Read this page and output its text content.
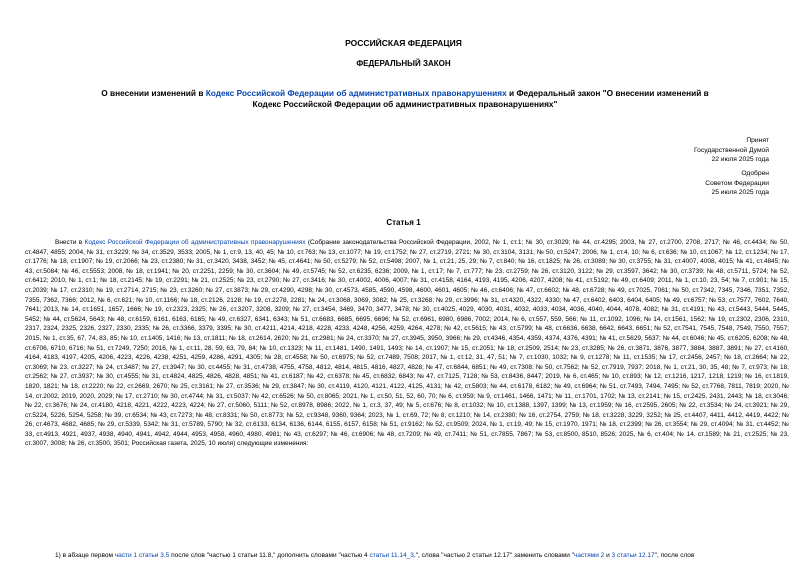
РОССИЙСКАЯ ФЕДЕРАЦИЯ
ФЕДЕРАЛЬНЫЙ ЗАКОН
О внесении изменений в Кодекс Российской Федерации об административных правонарушениях и Федеральный закон "О внесении изменений в Кодекс Российской Федерации об административных правонарушениях"
Принят
Государственной Думой
22 июля 2025 года
Одобрен
Советом Федерации
25 июля 2025 года
Статья 1
Внести в Кодекс Российской Федерации об административных правонарушениях (Собрание законодательства Российской Федерации, 2002, № 1, ст.1; № 30, ст.3029; № 44, ст.4295; 2003, № 27, ст.2700, 2708, 2717; № 46, ст.4434; № 50, ст.4847, 4855; 2004, № 31, ст.3229; № 34, ст.3529, 3533; 2005, № 1, ст.9, 13, 40, 45; № 10, ст.763; № 13, ст.1077; № 19, ст.1752; № 27, ст.2719, 2721; № 30, ст.3104, 3131; № 50, ст.5247; 2006, № 1, ст.4, 10; № 6, ст.636; № 10, ст.1067; № 12, ст.1234; № 17, ст.1776; № 18, ст.1907; № 19, ст.2066; № 23, ст.2380; № 31, ст.3420, 3438, 3452; № 45, ст.4641; № 50, ст.5279; № 52, ст.5498; 2007, № 1, ст.21, 25, 29; № 7, ст.840; № 16, ст.1825; № 26, ст.3089; № 30, ст.3755; № 31, ст.4007, 4008, 4015; № 41, ст.4845; № 43, ст.5084; № 46, ст.5553; 2008, № 18, ст.1941; № 20, ст.2251, 2259; № 30, ст.3604; № 49, ст.5745; № 52, ст.6235, 6236; 2009, № 1, ст.17; № 7, ст.777; № 23, ст.2759; № 26, ст.3120, 3122; № 29, ст.3597, 3642; № 30, ст.3739; № 48, ст.5711, 5724; № 52, ст.6412; 2010, № 1, ст.1; № 18, ст.2145; № 19, ст.2291; № 21, ст.2525; № 23, ст.2790; № 27, ст.3416; № 30, ст.4002, 4006, 4007; № 31, ст.4158, 4164, 4193, 4195, 4206, 4207, 4208; № 41, ст.5192; № 49, ст.6409; 2011, № 1, ст.10, 23, 54; № 7, ст.901; № 15, ст.2039; № 17, ст.2310; № 19, ст.2714, 2715; № 23, ст.3260; № 27, ст.3873; № 29, ст.4290, 4298; № 30, ст.4573, 4585, 4590, 4598, 4600, 4601, 4605; № 46, ст.6406; № 47, ст.6602; № 48, ст.6728; № 49, ст.7025, 7061; № 50, ст.7342, 7345, 7346, 7351, 7352, 7355, 7362, 7366; 2012, № 6, ст.621; № 10, ст.1166; № 18, ст.2126, 2128; № 19, ст.2278, 2281; № 24, ст.3068, 3069, 3082; № 25, ст.3268; № 29, ст.3996; № 31, ст.4320, 4322, 4330; № 47, ст.6402, 6403, 6404, 6405; № 49, ст.6757; № 53, ст.7577, 7602, 7640, 7641; 2013, № 14, ст.1651, 1657, 1666; № 19, ст.2323, 2325; № 26, ст.3207, 3208, 3209; № 27, ст.3454, 3469, 3470, 3477, 3478; № 30, ст.4025, 4029, 4030, 4031, 4032, 4033, 4034, 4036, 4040, 4044, 4078, 4082; № 31, ст.4191; № 43, ст.5443, 5444, 5445, 5452; № 44, ст.5624, 5643; № 48, ст.6159, 6161, 6163, 6165; № 49, ст.6327, 6341, 6343; № 51, ст.6683, 6685, 6695, 6696; № 52, ст.6961, 6980, 6986, 7002; 2014, № 6, ст.557, 559, 566; № 11, ст.1092, 1096; № 14, ст.1561, 1562; № 19, ст.2302, 2306, 2310, 2317, 2324, 2325, 2326, 2327, 2330, 2335; № 26, ст.3366, 3379, 3395; № 30, ст.4211, 4214, 4218, 4228, 4233, 4248, 4256, 4259, 4264, 4278; № 42, ст.5615; № 43, ст.5799; № 48, ст.6636, 6638, 6642, 6643, 6651; № 52, ст.7541, 7545, 7548, 7549, 7550, 7557; 2015, № 1, ст.35, 67, 74, 83, 85; № 10, ст.1405, 1416; № 13, ст.1811; № 18, ст.2614, 2620; № 21, ст.2981; № 24, ст.3370; № 27, ст.3945, 3950, 3966; № 29, ст.4346, 4354, 4359, 4374, 4376, 4391; № 41, ст.5629, 5637; № 44, ст.6046; № 45, ст.6205, 6208; № 48, ст.6706, 6710, 6716; № 51, ст.7249, 7250; 2016, № 1, ст.11, 28, 59, 63, 79, 84; № 10, ст.1323; № 11, ст.1481, 1490, 1491, 1493; № 14, ст.1907; № 15, ст.2051; № 18, ст.2509, 2514; № 23, ст.3285; № 26, ст.3871, 3876, 3877, 3884, 3887, 3891; № 27, ст.4160, 4164, 4183, 4197, 4205, 4206, 4223, 4226, 4238, 4251, 4259, 4286, 4291, 4305; № 28, ст.4558; № 50, ст.6975; № 52, ст.7489, 7508; 2017, № 1, ст.12, 31, 47, 51; № 7, ст.1030, 1032; № 9, ст.1278; № 11, ст.1535; № 17, ст.2456, 2457; № 18, ст.2664; № 22, ст.3069; № 23, ст.3227; № 24, ст.3487; № 27, ст.3947; № 30, ст.4455; № 31, ст.4738, 4755, 4758, 4812, 4814, 4815, 4816, 4827, 4828; № 47, ст.6844, 6851; № 49, ст.7308; № 50, ст.7562; № 52, ст.7919, 7937; 2018, № 1, ст.21, 30, 35, 48; № 7, ст.973; № 18, ст.2562; № 27, ст.3937; № 30, ст.4555; № 31, ст.4824, 4825, 4826, 4828, 4851; № 41, ст.6187; № 42, ст.6378; № 45, ст.6832, 6843; № 47, ст.7125, 7128; № 53, ст.8436, 8447; 2019, № 6, ст.465; № 10, ст.893; № 12, ст.1216, 1217, 1218, 1219; № 16, ст.1819, 1820, 1821; № 18, ст.2220; № 22, ст.2669, 2670; № 25, ст.3161; № 27, ст.3536; № 29, ст.3847; № 30, ст.4119, 4120, 4121, 4122, 4125, 4131; № 42, ст.5803; № 44, ст.6178, 6182; № 49, ст.6964; № 51, ст.7493, 7494, 7495; № 52, ст.7768, 7811, 7819; 2020, № 14, ст.2002, 2019, 2020, 2029; № 17, ст.2710; № 30, ст.4744; № 31, ст.5037; № 42, ст.6526; № 50, ст.8065; 2021, № 1, ст.50, 51, 52, 60, 70; № 6, ст.959; № 9, ст.1461, 1466, 1471; № 11, ст.1701, 1702; № 13, ст.2141; № 15, ст.2425, 2431, 2443; № 18, ст.3046; № 22, ст.3676; № 24, ст.4180, 4218, 4221, 4222, 4223, 4224; № 27, ст.5060, 5111; № 52, ст.8978, 8986; 2022, № 1, ст.3, 37, 49; № 5, ст.676; № 8, ст.1032; № 10, ст.1388, 1397, 1399; № 13, ст.1959; № 16, ст.2595, 2605; № 22, ст.3534; № 24, ст.3921; № 29, ст.5224, 5226, 5254, 5258; № 39, ст.6534; № 43, ст.7273; № 48, ст.8331; № 50, ст.8773; № 52, ст.9348, 9360, 9364; 2023, № 1, ст.69, 72; № 8, ст.1210; № 14, ст.2380; № 16, ст.2754, 2759; № 18, ст.3228, 3229, 3252; № 25, ст.4407, 4411, 4412, 4419, 4422; № 26, ст.4673, 4682, 4685; № 29, ст.5339, 5342; № 31, ст.5789, 5790; № 32, ст.6133, 6134, 6136, 6144, 6155, 6157, 6158; № 51, ст.9162; № 52, ст.9509; 2024, № 1, ст.19, 49; № 15, ст.1970, 1971; № 18, ст.2399; № 26, ст.3554; № 29, ст.4094; № 31, ст.4452; № 33, ст.4913, 4921, 4937, 4938, 4940, 4941, 4942, 4944, 4953, 4958, 4960, 4980, 4981; № 43, ст.6297; № 46, ст.6906; № 48, ст.7209; № 49, ст.7411; № 51, ст.7855, 7867; № 53, ст.8500, 8510, 8526; 2025, № 6, ст.404; № 14, ст.1589; № 21, ст.2525; № 23, ст.3007, 3008; № 26, ст.3500, 3501; Российская газета, 2025, 10 июля) следующие изменения:
1) в абзаце первом части 1 статьи 3.5 после слов "частью 1 статьи 11.8," дополнить словами "частью 4 статьи 11.14_3,", слова "частью 2 статьи 12.17" заменить словами "частями 2 и 3 статьи 12.17", после слов
